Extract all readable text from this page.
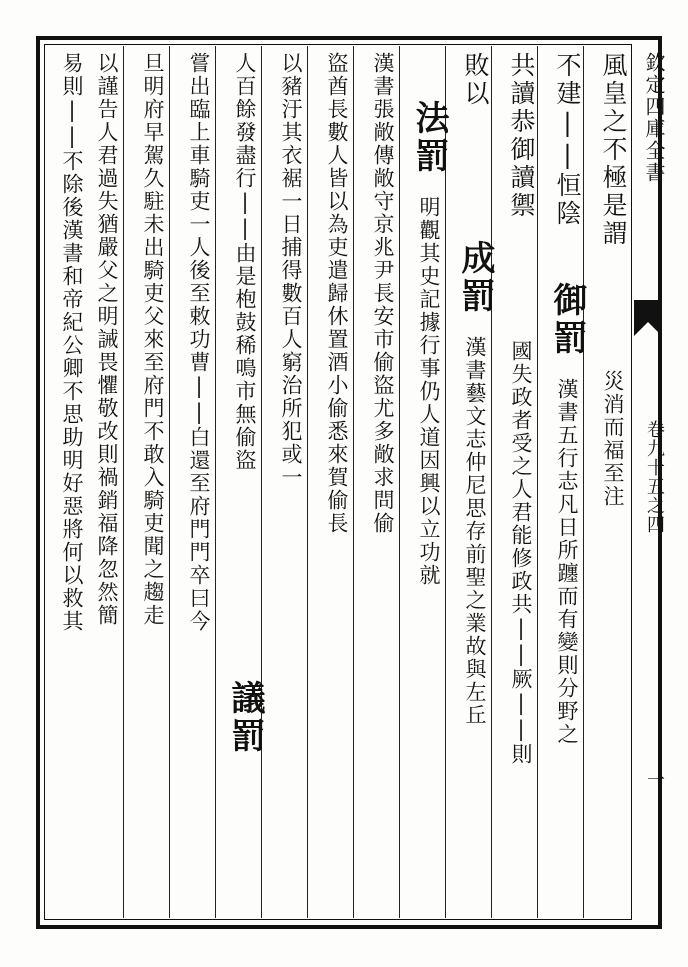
欽定四庫全書
卷九十五之四
一
風皇之不極是謂
災消而福至注
不建||恒陰
御罰
漢書五行志凡日所躔而有變則分野之
共讀恭御讀禦
國失政者受之人君能修政共||厥||則
敗以
成罰
漢書藝文志仲尼思存前聖之業故與左丘
法罰
明觀其史記據行事仍人道因興以立功就
漢書張敞傳敞守京兆尹長安市偷盜尤多敞求問偷
盜酋長數人皆以為吏遣歸休置酒小偷悉來賀偷長
以豬汙其衣裾一日捕得數百人窮治所犯或一
人百餘發盡行||由是枹鼓稀鳴市無偷盜
議罰
嘗出臨上車騎吏一人後至敕功曹||白還至府門門卒曰今
旦明府早駕久駐未出騎吏父來至府門不敢入騎吏聞之趨走
以謹告人君過失猶嚴父之明誡畏懼敬改則禍銷福降忽然簡
易則||不除後漢書和帝紀公卿不思助明好惡將何以救其
